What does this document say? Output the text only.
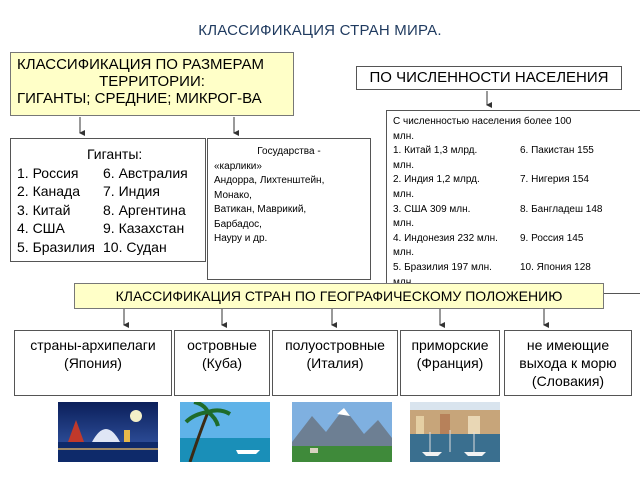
КЛАССИФИКАЦИЯ СТРАН МИРА.
КЛАССИФИКАЦИЯ ПО РАЗМЕРАМ
ТЕРРИТОРИИ:
ГИГАНТЫ; СРЕДНИЕ; МИКРОГ-ВА
ПО ЧИСЛЕННОСТИ НАСЕЛЕНИЯ
Гиганты:
1. Россия	6. Австралия
2. Канада	7. Индия
3. Китай	8. Аргентина
4. США	9. Казахстан
5. Бразилия 10. Судан
Государства -
«карлики»
Андорра, Лихтенштейн,
Монако,
Ватикан, Маврикий,
Барбадос,
Науру и др.
С численностью населения более 100
млн.
1. Китай 1,3 млрд.	6. Пакистан 155
млн.
2. Индия 1,2 млрд.	7. Нигерия 154
млн.
3. США 309 млн.	8. Бангладеш 148
млн.
4. Индонезия 232 млн.	9. Россия 145
млн.
5. Бразилия 197 млн.	10. Япония 128
КЛАССИФИКАЦИЯ СТРАН ПО ГЕОГРАФИЧЕСКОМУ ПОЛОЖЕНИЮ
страны-архипелаги
(Япония)
островные
(Куба)
полуостровные
(Италия)
приморские
(Франция)
не имеющие
выхода к морю
(Словакия)
